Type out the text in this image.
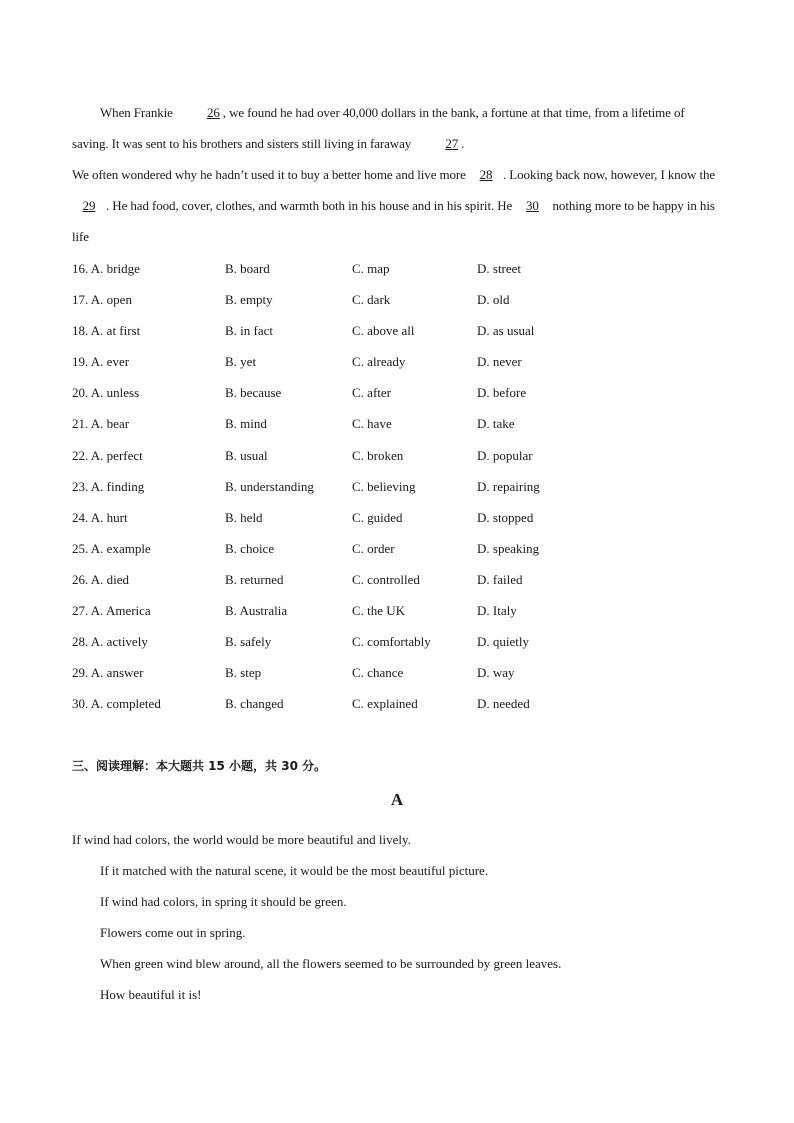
When Frankie 26 , we found he had over 40,000 dollars in the bank, a fortune at that time, from a lifetime of saving. It was sent to his brothers and sisters still living in faraway 27 .
We often wondered why he hadn’t used it to buy a better home and live more 28 . Looking back now, however, I know the 29 . He had food, cover, clothes, and warmth both in his house and in his spirit. He 30 nothing more to be happy in his life
16. A. bridge	B. board	C. map	D. street
17. A. open	B. empty	C. dark	D. old
18. A. at first	B. in fact	C. above all	D. as usual
19. A. ever	B. yet	C. already	D. never
20. A. unless	B. because	C. after	D. before
21. A. bear	B. mind	C. have	D. take
22. A. perfect	B. usual	C. broken	D. popular
23. A. finding	B. understanding	C. believing	D. repairing
24. A. hurt	B. held	C. guided	D. stopped
25. A. example	B. choice	C. order	D. speaking
26. A. died	B. returned	C. controlled	D. failed
27. A. America	B. Australia	C. the UK	D. Italy
28. A. actively	B. safely	C. comfortably	D. quietly
29. A. answer	B. step	C. chance	D. way
30. A. completed	B. changed	C. explained	D. needed
三、阅读理解：本大题共 15 小题，共 30 分。
A
If wind had colors, the world would be more beautiful and lively.
If it matched with the natural scene, it would be the most beautiful picture.
If wind had colors, in spring it should be green.
Flowers come out in spring.
When green wind blew around, all the flowers seemed to be surrounded by green leaves.
How beautiful it is!
